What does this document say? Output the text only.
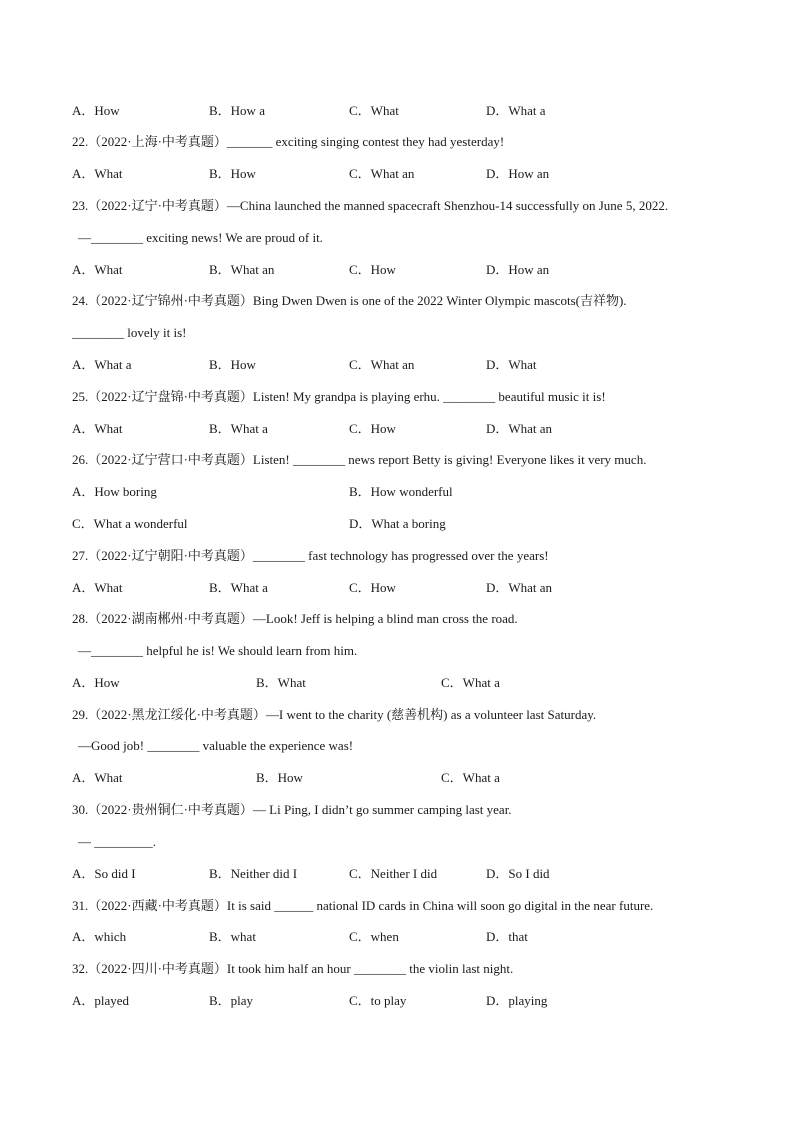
A．How	B．How a	C．What	D．What a
22.（2022·上海·中考真题）_______ exciting singing contest they had yesterday!
A．What	B．How	C．What an	D．How an
23.（2022·辽宁·中考真题）—China launched the manned spacecraft Shenzhou-14 successfully on June 5, 2022.
—________ exciting news! We are proud of it.
A．What	B．What an	C．How	D．How an
24.（2022·辽宁锦州·中考真题）Bing Dwen Dwen is one of the 2022 Winter Olympic mascots(吉祥物).
________ lovely it is!
A．What a	B．How	C．What an	D．What
25.（2022·辽宁盘锦·中考真题）Listen! My grandpa is playing erhu. ________ beautiful music it is!
A．What	B．What a	C．How	D．What an
26.（2022·辽宁营口·中考真题）Listen! ________ news report Betty is giving! Everyone likes it very much.
A．How boring	B．How wonderful
C．What a wonderful	D．What a boring
27.（2022·辽宁朝阳·中考真题）________ fast technology has progressed over the years!
A．What	B．What a	C．How	D．What an
28.（2022·湖南郴州·中考真题）—Look! Jeff is helping a blind man cross the road.
—________ helpful he is! We should learn from him.
A．How	B．What	C．What a
29.（2022·黑龙江绥化·中考真题）—I went to the charity (慈善机构) as a volunteer last Saturday.
—Good job! ________ valuable the experience was!
A．What	B．How	C．What a
30.（2022·贵州铜仁·中考真题）— Li Ping, I didn’t go summer camping last year.
— _________.
A．So did I	B．Neither did I	C．Neither I did	D．So I did
31.（2022·西藏·中考真题）It is said ______ national ID cards in China will soon go digital in the near future.
A．which	B．what	C．when	D．that
32.（2022·四川·中考真题）It took him half an hour ________ the violin last night.
A．played	B．play	C．to play	D．playing
